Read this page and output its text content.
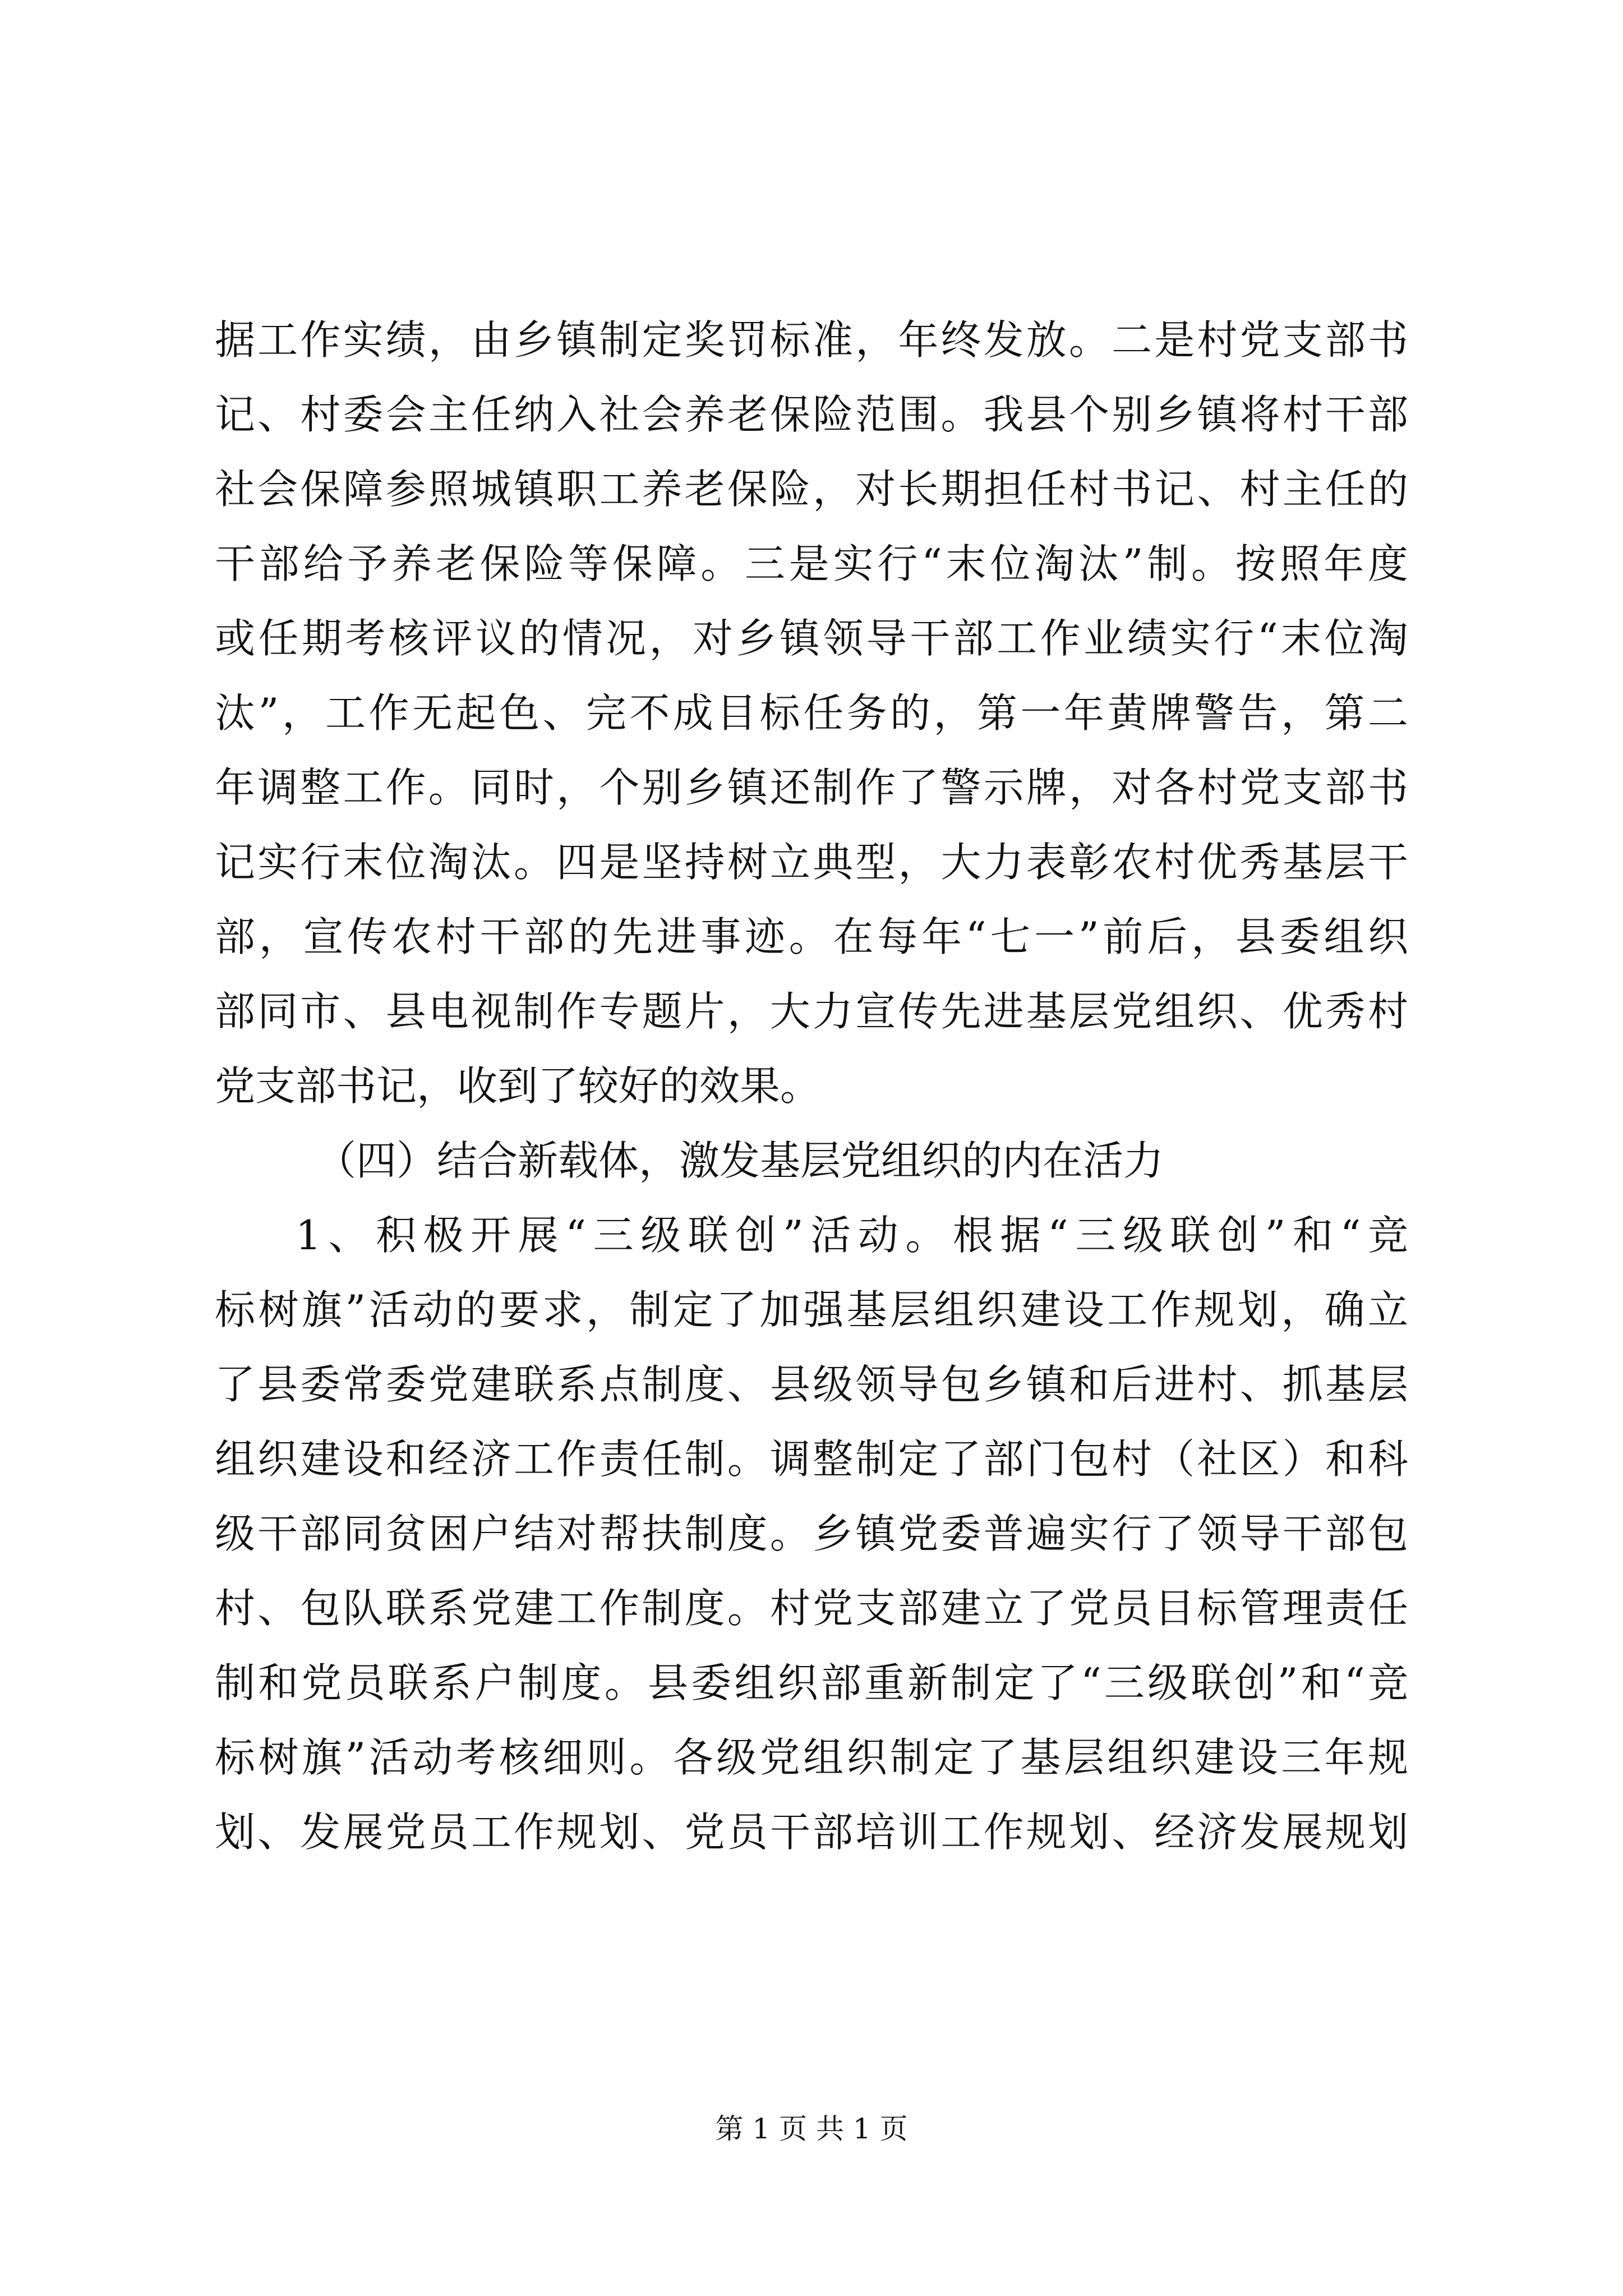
据工作实绩，由乡镇制定奖罚标准，年终发放。二是村党支部书
记、村委会主任纳入社会养老保险范围。我县个别乡镇将村干部
社会保障参照城镇职工养老保险，对长期担任村书记、村主任的
干部给予养老保险等保障。三是实行“末位淘汰”制。按照年度
或任期考核评议的情况，对乡镇领导干部工作业绩实行“末位淘
汰”，工作无起色、完不成目标任务的，第一年黄牌警告，第二
年调整工作。同时，个别乡镇还制作了警示牌，对各村党支部书
记实行末位淘汰。四是坚持树立典型，大力表彰农村优秀基层干
部，宣传农村干部的先进事迹。在每年“七一”前后，县委组织
部同市、县电视制作专题片，大力宣传先进基层党组织、优秀村
党支部书记，收到了较好的效果。
（四）结合新载体，激发基层党组织的内在活力
1、积极开展“三级联创”活动。根据“三级联创”和“竞
标树旗”活动的要求，制定了加强基层组织建设工作规划，确立
了县委常委党建联系点制度、县级领导包乡镇和后进村、抓基层
组织建设和经济工作责任制。调整制定了部门包村（社区）和科
级干部同贫困户结对帮扶制度。乡镇党委普遍实行了领导干部包
村、包队联系党建工作制度。村党支部建立了党员目标管理责任
制和党员联系户制度。县委组织部重新制定了“三级联创”和“竞
标树旗”活动考核细则。各级党组织制定了基层组织建设三年规
划、发展党员工作规划、党员干部培训工作规划、经济发展规划
第 1 页 共 1 页
